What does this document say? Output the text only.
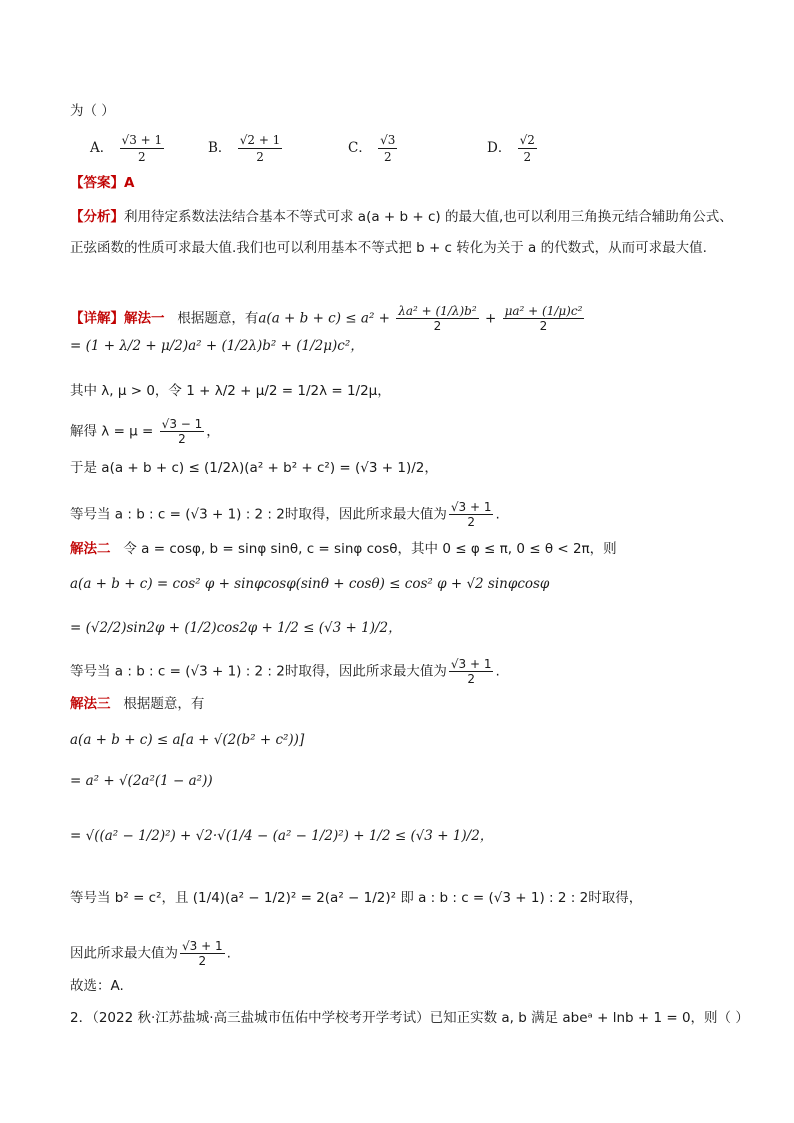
为（ ）
A． $\frac{√3 + 1}{2}$	B． $\frac{√2 + 1}{2}$	C． $\frac{√3}{2}$	D． $\frac{√2}{2}$
【答案】A
【分析】利用待定系数法法结合基本不等式可求 a(a + b + c) 的最大值,也可以利用三角换元结合辅助角公式、
正弦函数的性质可求最大值.我们也可以利用基本不等式把 b + c 转化为关于 a 的代数式，从而可求最大值.
【详解】解法一 根据题意，有$a(a + b + c) \le a^2 + \frac{\text{λa² + (1/λ)b²}}{2} + \frac{\text{μa² + (1/μ)c²}}{2}$
= (1 + λ/2 + μ/2)a² + (1/2λ)b² + (1/2μ)c²，
其中 λ, μ > 0，令 1 + λ/2 + μ/2 = 1/2λ = 1/2μ，
解得 $\lambda = \mu = \frac{√3 - 1}{2}$ ，
于是 a(a + b + c) ≤ (1/2λ)(a² + b² + c²) = (√3 + 1)/2，
等号当 a : b : c = (√3 + 1) : 2 : 2时取得，因此所求最大值为 $\frac{√3 + 1}{2}$ .
解法二 令 a = cosφ, b = sinφ sinθ, c = sinφ cosθ，其中 0 ≤ φ ≤ π, 0 ≤ θ < 2π，则
a(a + b + c) = cos² φ + sinφcosφ(sinθ + cosθ) ≤ cos² φ + √2 sinφcosφ
= (√2/2)sin2φ + (1/2)cos2φ + 1/2 ≤ (√3 + 1)/2，
等号当 a : b : c = (√3 + 1) : 2 : 2时取得，因此所求最大值为 $\frac{√3 + 1}{2}$ .
解法三 根据题意，有
a(a + b + c) ≤ a[a + √(2(b² + c²))]
= a² + √(2a²(1 − a²))
= √((a² − 1/2)²) + √2·√(1/4 − (a² − 1/2)²) + 1/2 ≤ (√3 + 1)/2，
等号当 b² = c²，且 (1/4)(a² − 1/2)² = 2(a² − 1/2)² 即 a : b : c = (√3 + 1) : 2 : 2时取得，
因此所求最大值为 $\frac{√3 + 1}{2}$ .
故选：A.
2．（2022 秋·江苏盐城·高三盐城市伍佑中学校考开学考试）已知正实数 a, b 满足 abeᵃ + lnb + 1 = 0，则（ ）
